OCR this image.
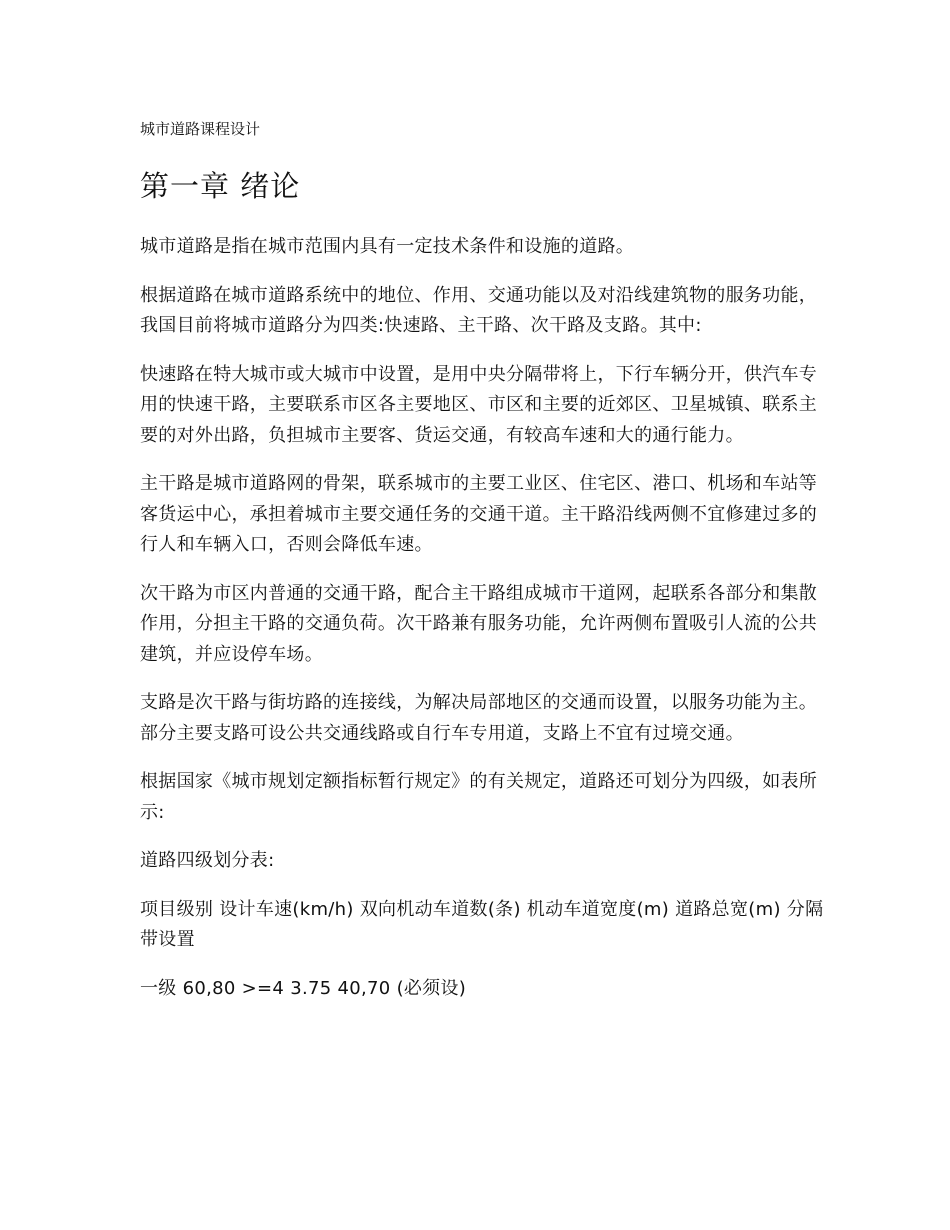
城市道路课程设计
第一章 绪论

城市道路是指在城市范围内具有一定技术条件和设施的道路。

根据道路在城市道路系统中的地位、作用、交通功能以及对沿线建筑物的服务功能，我国目前将城市道路分为四类:快速路、主干路、次干路及支路。其中:

快速路在特大城市或大城市中设置，是用中央分隔带将上，下行车辆分开，供汽车专用的快速干路，主要联系市区各主要地区、市区和主要的近郊区、卫星城镇、联系主要的对外出路，负担城市主要客、货运交通，有较高车速和大的通行能力。

主干路是城市道路网的骨架，联系城市的主要工业区、住宅区、港口、机场和车站等客货运中心，承担着城市主要交通任务的交通干道。主干路沿线两侧不宜修建过多的行人和车辆入口，否则会降低车速。

次干路为市区内普通的交通干路，配合主干路组成城市干道网，起联系各部分和集散作用，分担主干路的交通负荷。次干路兼有服务功能，允许两侧布置吸引人流的公共建筑，并应设停车场。

支路是次干路与街坊路的连接线，为解决局部地区的交通而设置，以服务功能为主。部分主要支路可设公共交通线路或自行车专用道，支路上不宜有过境交通。

根据国家《城市规划定额指标暂行规定》的有关规定，道路还可划分为四级，如表所示:

道路四级划分表:

项目级别 设计车速(km/h) 双向机动车道数(条) 机动车道宽度(m) 道路总宽(m) 分隔带设置

一级 60,80 >=4 3.75 40,70 (必须设)
